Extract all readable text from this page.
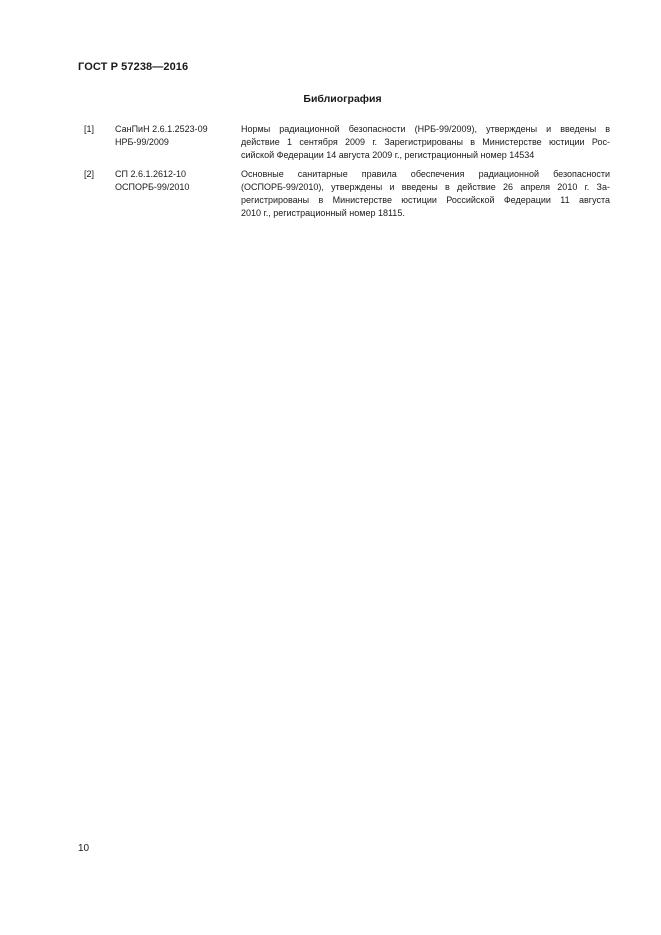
ГОСТ Р 57238—2016
Библиография
[1]	СанПиН 2.6.1.2523-09
НРБ-99/2009
Нормы радиационной безопасности (НРБ-99/2009), утверждены и введены в
действие 1 сентября 2009 г. Зарегистрированы в Министерстве юстиции Рос-
сийской Федерации 14 августа 2009 г., регистрационный номер 14534
[2]	СП 2.6.1.2612-10
ОСПОРБ-99/2010
Основные санитарные правила обеспечения радиационной безопасности
(ОСПОРБ-99/2010), утверждены и введены в действие 26 апреля 2010 г. За-
регистрированы в Министерстве юстиции Российской Федерации 11 августа
2010 г., регистрационный номер 18115.
10
